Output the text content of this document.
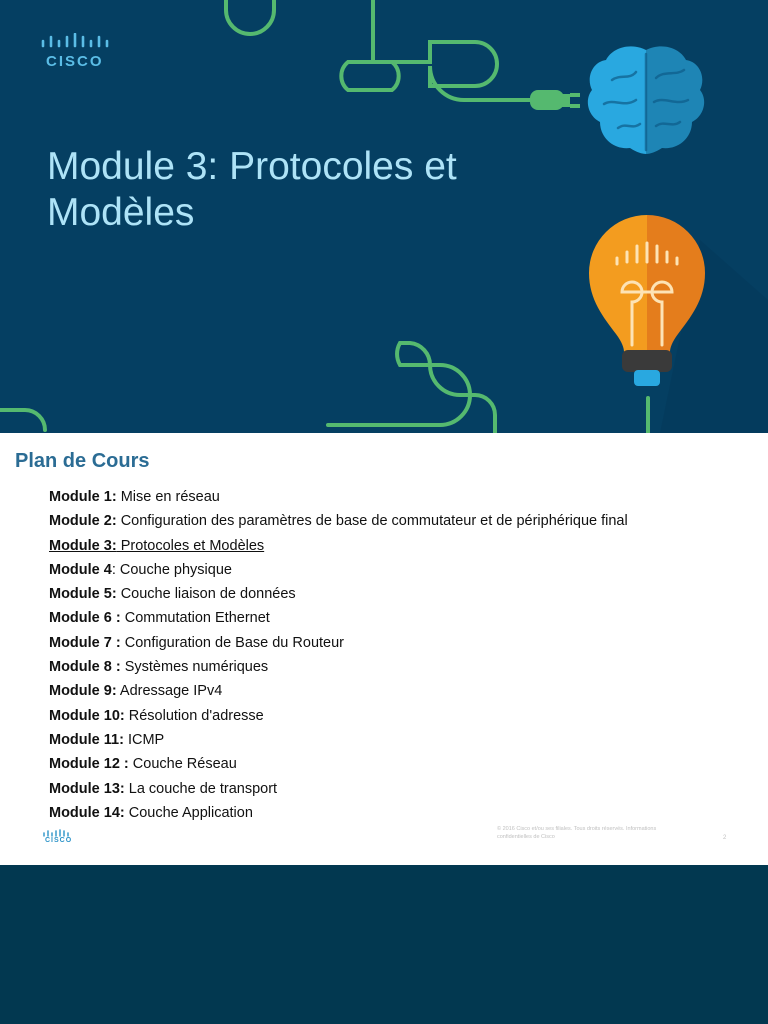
CISCO
Module 3: Protocoles et
Modèles
Plan de Cours
Module 1: Mise en réseau
Module 2: Configuration des paramètres de base de commutateur et de périphérique final
Module 3: Protocoles et Modèles
Module 4: Couche physique
Module 5: Couche liaison de données
Module 6 : Commutation Ethernet
Module 7 : Configuration de Base du Routeur
Module 8 : Systèmes numériques
Module 9: Adressage IPv4
Module 10: Résolution d'adresse
Module 11: ICMP
Module 12 : Couche Réseau
Module 13: La couche de transport
Module 14: Couche Application
CISCO
© 2016 Cisco et/ou ses filiales. Tous droits réservés. Informations
confidentielles de Cisco	2
